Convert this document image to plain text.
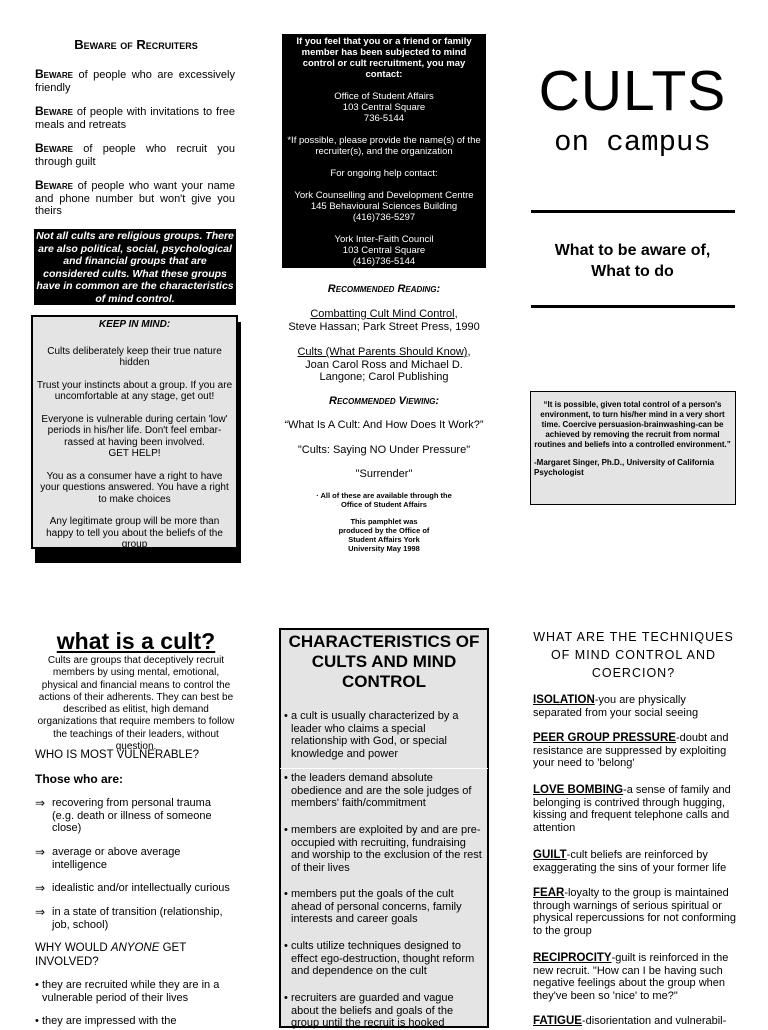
Beware of Recruiters
Beware of people who are excessively friendly
Beware of people with invitations to free meals and retreats
Beware of people who recruit you through guilt
Beware of people who want your name and phone number but won't give you theirs
Not all cults are religious groups. There are also political, social, psychological and financial groups that are considered cults. What these groups have in common are the characteristics of mind control.

KEEP IN MIND:

Cults deliberately keep their true nature hidden

Trust your instincts about a group. If you are uncomfortable at any stage, get out!

Everyone is vulnerable during certain 'low' periods in his/her life. Don't feel embar-rassed at having been involved.

GET HELP!

You as a consumer have a right to have your questions answered. You have a right to make choices

Any legitimate group will be more than happy to tell you about the beliefs of the group

If you feel that you or a friend or family member has been subjected to mind control or cult recruitment, you may contact:

Office of Student Affairs

103 Central Square

736-5144

*If possible, please provide the name(s) of the recruiter(s), and the organization

For ongoing help contact:

York Counselling and Development Centre

145 Behavioural Sciences Building

(416)736-5297

York Inter-Faith Council

103 Central Square

(416)736-5144

Recommended Reading:
Combatting Cult Mind Control,
Steve Hassan; Park Street Press, 1990
Cults (What Parents Should Know), Joan Carol Ross and Michael D. Langone; Carol Publishing
Recommended Viewing:
“What Is A Cult: And How Does It Work?”
"Cults: Saying NO Under Pressure"
"Surrender"
· All of these are available through the Office of Student Affairs
This pamphlet was produced by the Office of Student Affairs York University May 1998
CULTS
on campus
What to be aware of,
What to do

“It is possible, given total control of a person's environment, to turn his/her mind in a very short time. Coercive persuasion-brainwashing-can be achieved by removing the recruit from normal routines and beliefs into a controlled environment.”

-Margaret Singer, Ph.D., University of California Psychologist

what is a cult?
Cults are groups that deceptively recruit members by using mental, emotional, physical and financial means to control the actions of their adherents. They can best be described as elitist, high demand organizations that require members to follow the teachings of their leaders, without question.
WHO IS MOST VULNERABLE?
Those who are:
⇒ recovering from personal trauma (e.g. death or illness of someone close)
⇒ average or above average intelligence
⇒ idealistic and/or intellectually curious
⇒ in a state of transition (relationship, job, school)
WHY WOULD ANYONE GET INVOLVED?
• they are recruited while they are in a vulnerable period of their lives
• they are impressed with the
CHARACTERISTICS OF CULTS AND MIND CONTROL
• a cult is usually characterized by a leader who claims a special relationship with God, or special knowledge and power
• the leaders demand absolute obedience and are the sole judges of members' faith/commitment
• members are exploited by and are pre-occupied with recruiting, fundraising and worship to the exclusion of the rest of their lives
• members put the goals of the cult ahead of personal concerns, family interests and career goals
• cults utilize techniques designed to effect ego-destruction, thought reform and dependence on the cult
• recruiters are guarded and vague about the beliefs and goals of the group until the recruit is hooked
WHAT ARE THE TECHNIQUES OF MIND CONTROL AND COERCION?
ISOLATION-you are physically separated from your social seeing
PEER GROUP PRESSURE-doubt and resistance are suppressed by exploiting your need to 'belong'
LOVE BOMBING-a sense of family and belonging is contrived through hugging, kissing and frequent telephone calls and attention
GUILT-cult beliefs are reinforced by exaggerating the sins of your former life
FEAR-loyalty to the group is maintained through warnings of serious spiritual or physical repercussions for not conforming to the group
RECIPROCITY-guilt is reinforced in the new recruit. "How can I be having such negative feelings about the group when they've been so 'nice' to me?"
FATIGUE-disorientation and vulnerabil-
